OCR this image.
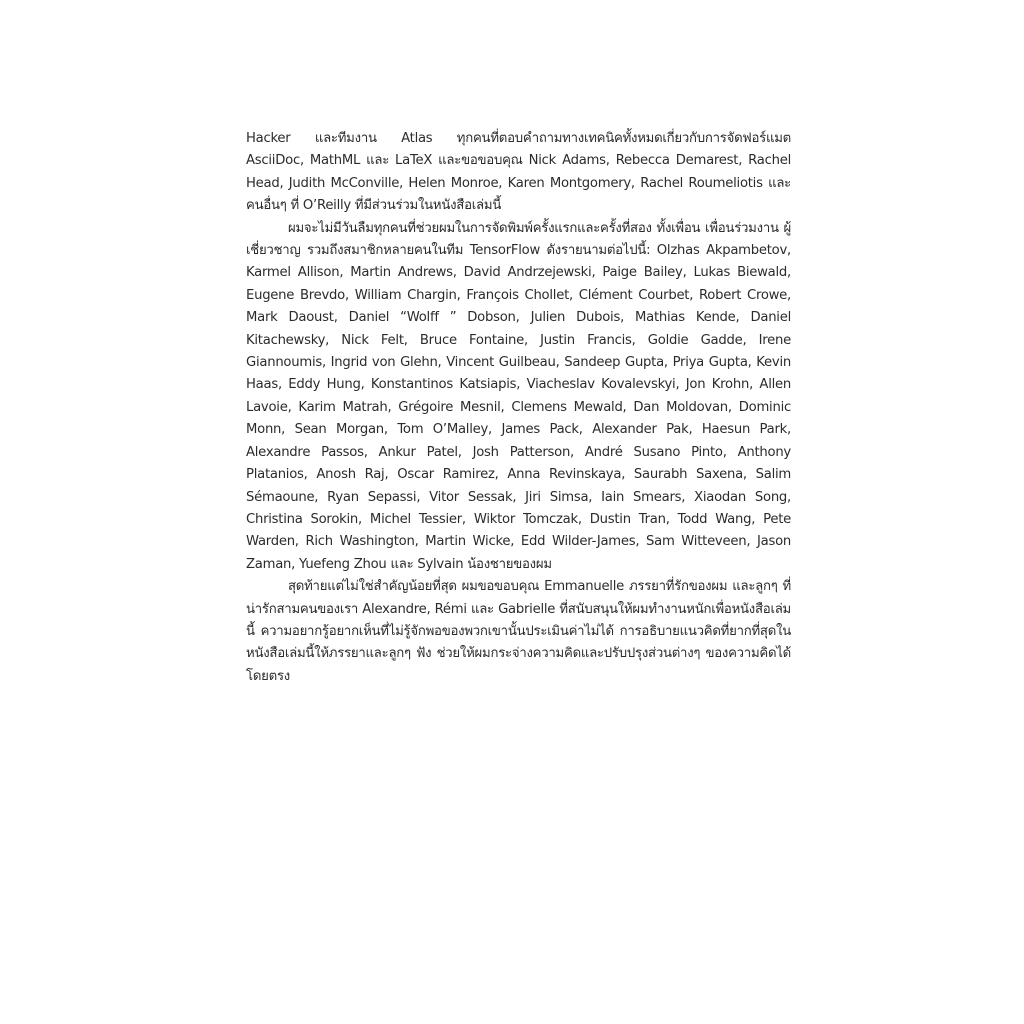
Hacker และทีมงาน Atlas ทุกคนที่ตอบคำถามทางเทคนิคทั้งหมดเกี่ยวกับการจัดฟอร์แมต AsciiDoc, MathML และ LaTeX และขอขอบคุณ Nick Adams, Rebecca Demarest, Rachel Head, Judith McConville, Helen Monroe, Karen Montgomery, Rachel Roumeliotis และคนอื่นๆ ที่ O’Reilly ที่มีส่วนร่วมในหนังสือเล่มนี้

ผมจะไม่มีวันลืมทุกคนที่ช่วยผมในการจัดพิมพ์ครั้งแรกและครั้งที่สอง ทั้งเพื่อน เพื่อนร่วมงาน ผู้เชี่ยวชาญ รวมถึงสมาชิกหลายคนในทีม TensorFlow ดังรายนามต่อไปนี้: Olzhas Akpambetov, Karmel Allison, Martin Andrews, David Andrzejewski, Paige Bailey, Lukas Biewald, Eugene Brevdo, William Chargin, François Chollet, Clément Courbet, Robert Crowe, Mark Daoust, Daniel “Wolff ” Dobson, Julien Dubois, Mathias Kende, Daniel Kitachewsky, Nick Felt, Bruce Fontaine, Justin Francis, Goldie Gadde, Irene Giannoumis, Ingrid von Glehn, Vincent Guilbeau, Sandeep Gupta, Priya Gupta, Kevin Haas, Eddy Hung, Konstantinos Katsiapis, Viacheslav Kovalevskyi, Jon Krohn, Allen Lavoie, Karim Matrah, Grégoire Mesnil, Clemens Mewald, Dan Moldovan, Dominic Monn, Sean Morgan, Tom O’Malley, James Pack, Alexander Pak, Haesun Park, Alexandre Passos, Ankur Patel, Josh Patterson, André Susano Pinto, Anthony Platanios, Anosh Raj, Oscar Ramirez, Anna Revinskaya, Saurabh Saxena, Salim Sémaoune, Ryan Sepassi, Vitor Sessak, Jiri Simsa, Iain Smears, Xiaodan Song, Christina Sorokin, Michel Tessier, Wiktor Tomczak, Dustin Tran, Todd Wang, Pete Warden, Rich Washington, Martin Wicke, Edd Wilder-James, Sam Witteveen, Jason Zaman, Yuefeng Zhou และ Sylvain น้องชายของผม

สุดท้ายแต่ไม่ใช่สำคัญน้อยที่สุด ผมขอขอบคุณ Emmanuelle ภรรยาที่รักของผม และลูกๆ ที่น่ารักสามคนของเรา Alexandre, Rémi และ Gabrielle ที่สนับสนุนให้ผมทำงานหนักเพื่อหนังสือเล่มนี้ ความอยากรู้อยากเห็นที่ไม่รู้จักพอของพวกเขานั้นประเมินค่าไม่ได้ การอธิบายแนวคิดที่ยากที่สุดในหนังสือเล่มนี้ให้ภรรยาและลูกๆ ฟัง ช่วยให้ผมกระจ่างความคิดและปรับปรุงส่วนต่างๆ ของความคิดได้โดยตรง
